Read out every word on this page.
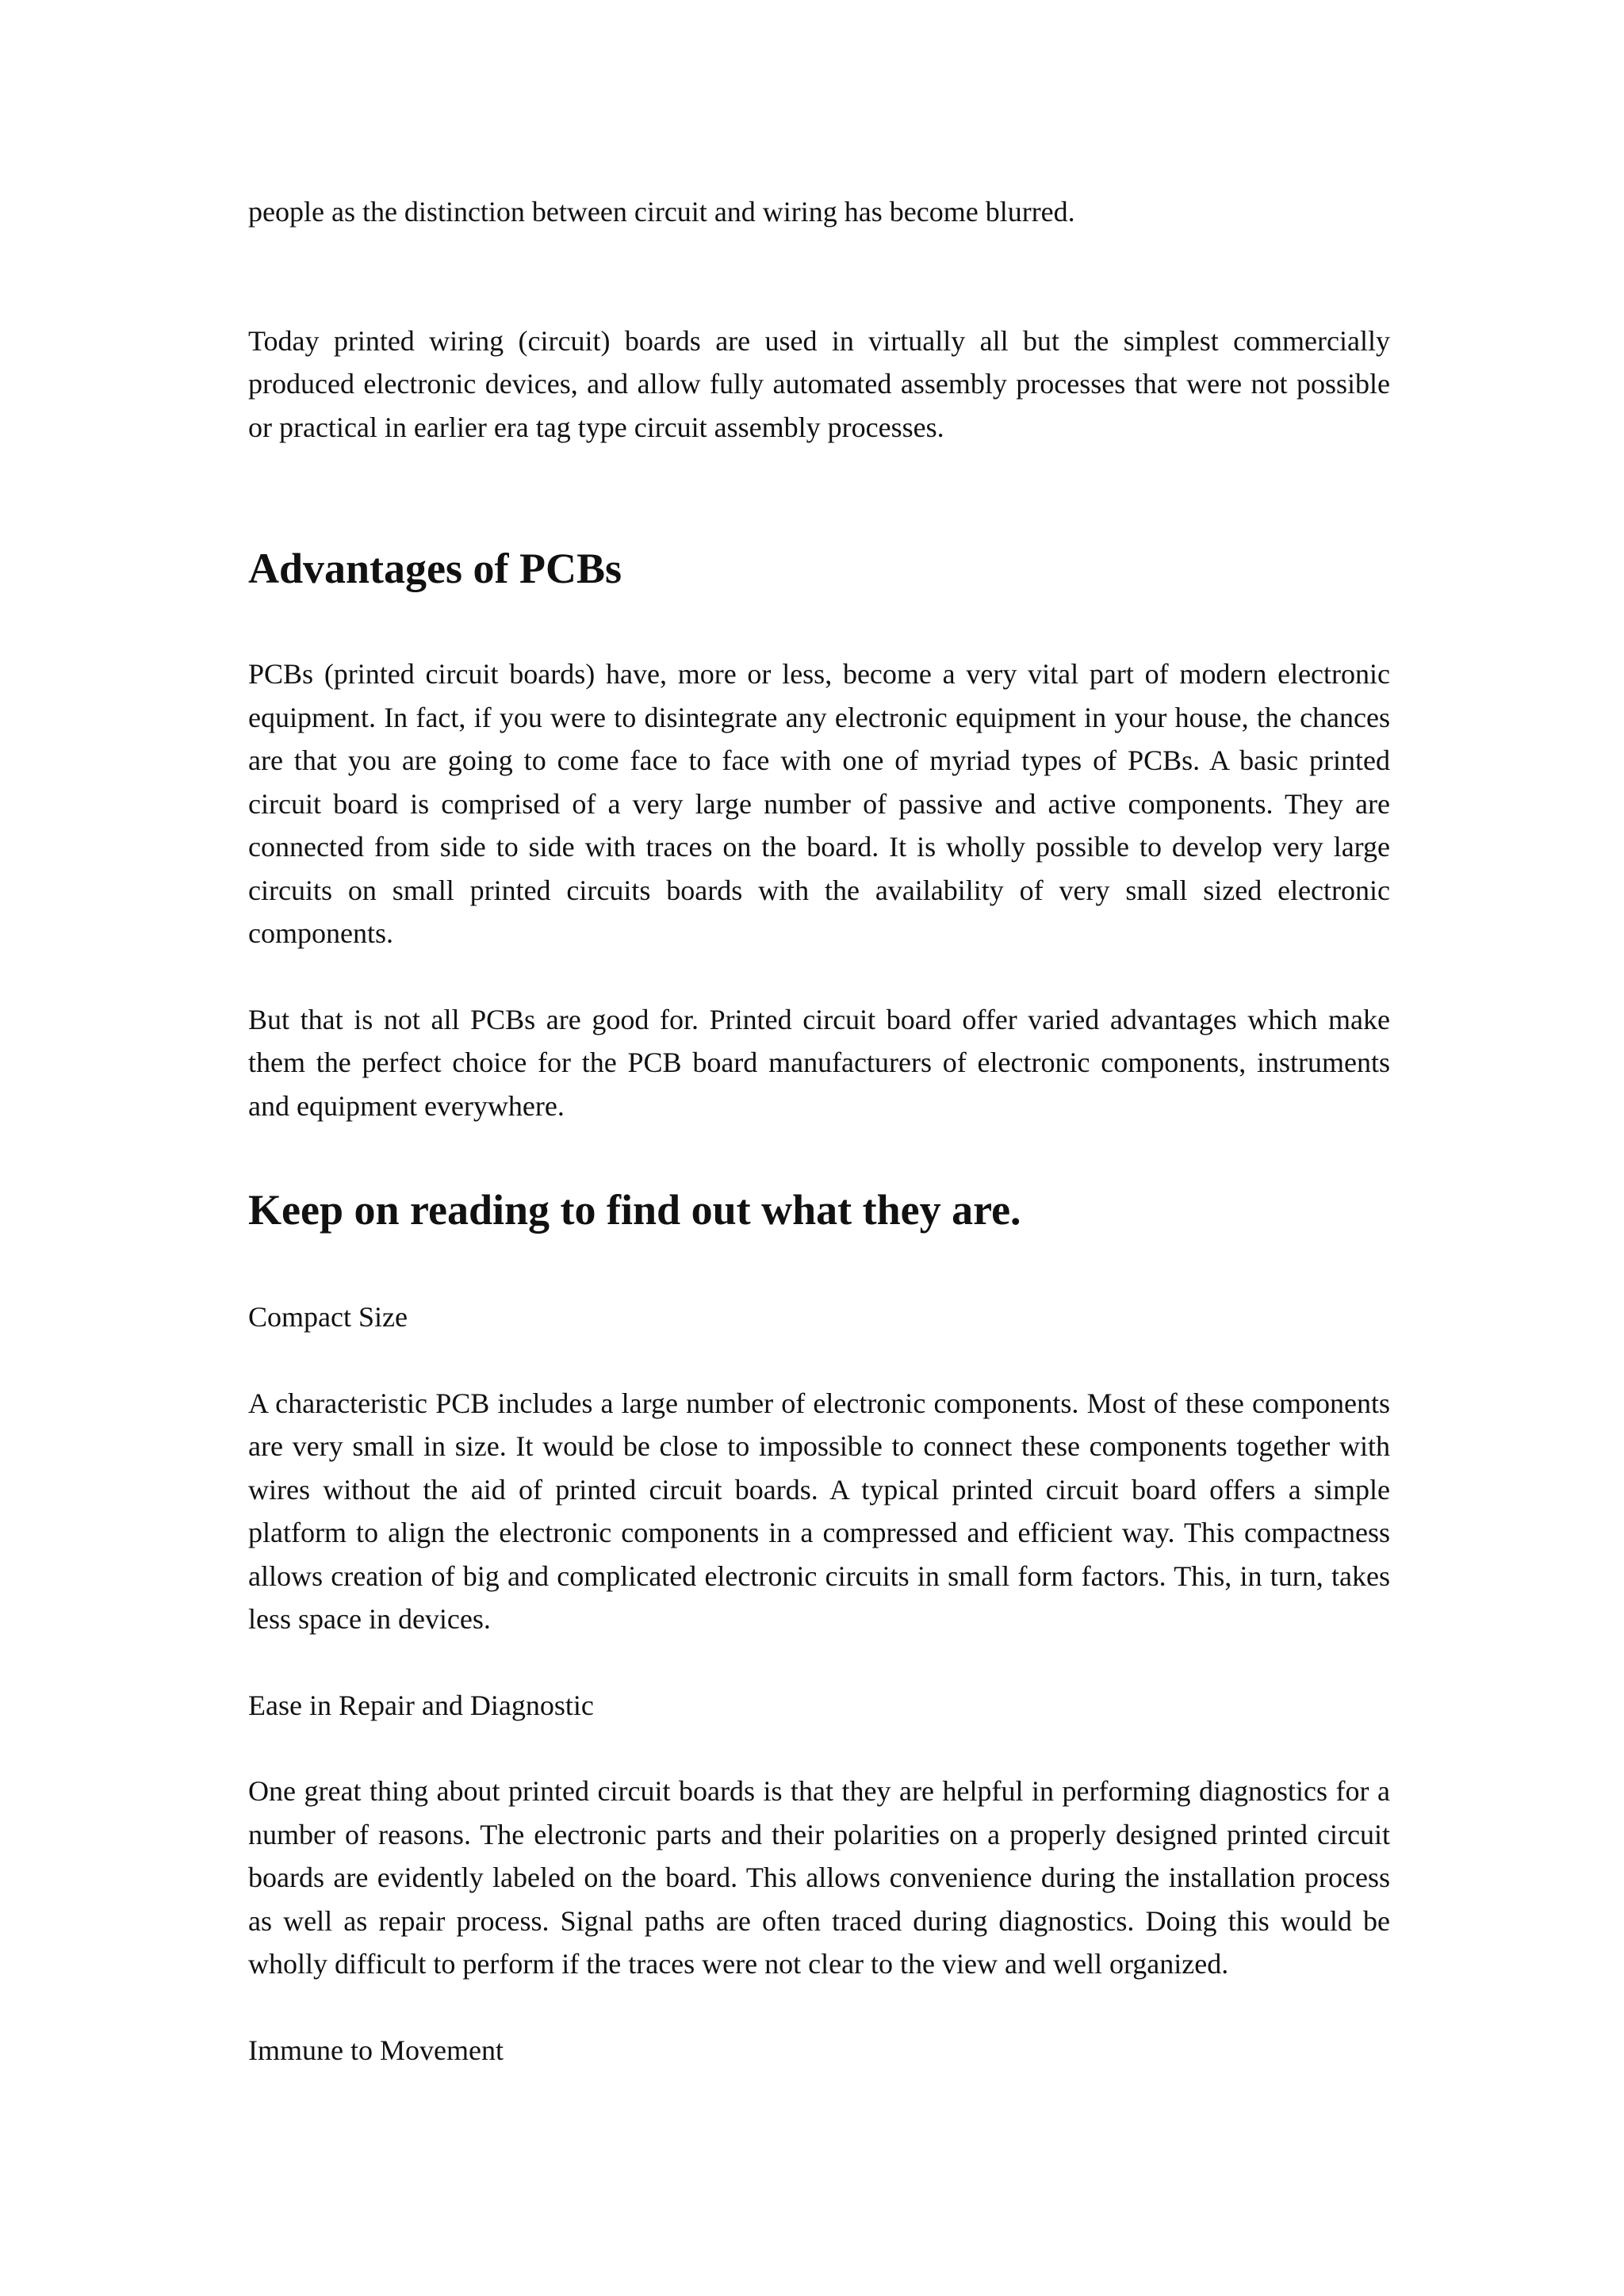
people as the distinction between circuit and wiring has become blurred.

Today printed wiring (circuit) boards are used in virtually all but the simplest commercially produced electronic devices, and allow fully automated assembly processes that were not possible or practical in earlier era tag type circuit assembly processes.

Advantages of PCBs

PCBs (printed circuit boards) have, more or less, become a very vital part of modern electronic equipment. In fact, if you were to disintegrate any electronic equipment in your house, the chances are that you are going to come face to face with one of myriad types of PCBs. A basic printed circuit board is comprised of a very large number of passive and active components. They are connected from side to side with traces on the board. It is wholly possible to develop very large circuits on small printed circuits boards with the availability of very small sized electronic components.

But that is not all PCBs are good for. Printed circuit board offer varied advantages which make them the perfect choice for the PCB board manufacturers of electronic components, instruments and equipment everywhere.

Keep on reading to find out what they are.

Compact Size

A characteristic PCB includes a large number of electronic components. Most of these components are very small in size. It would be close to impossible to connect these components together with wires without the aid of printed circuit boards. A typical printed circuit board offers a simple platform to align the electronic components in a compressed and efficient way. This compactness allows creation of big and complicated electronic circuits in small form factors. This, in turn, takes less space in devices.

Ease in Repair and Diagnostic

One great thing about printed circuit boards is that they are helpful in performing diagnostics for a number of reasons. The electronic parts and their polarities on a properly designed printed circuit boards are evidently labeled on the board. This allows convenience during the installation process as well as repair process. Signal paths are often traced during diagnostics. Doing this would be wholly difficult to perform if the traces were not clear to the view and well organized.

Immune to Movement
